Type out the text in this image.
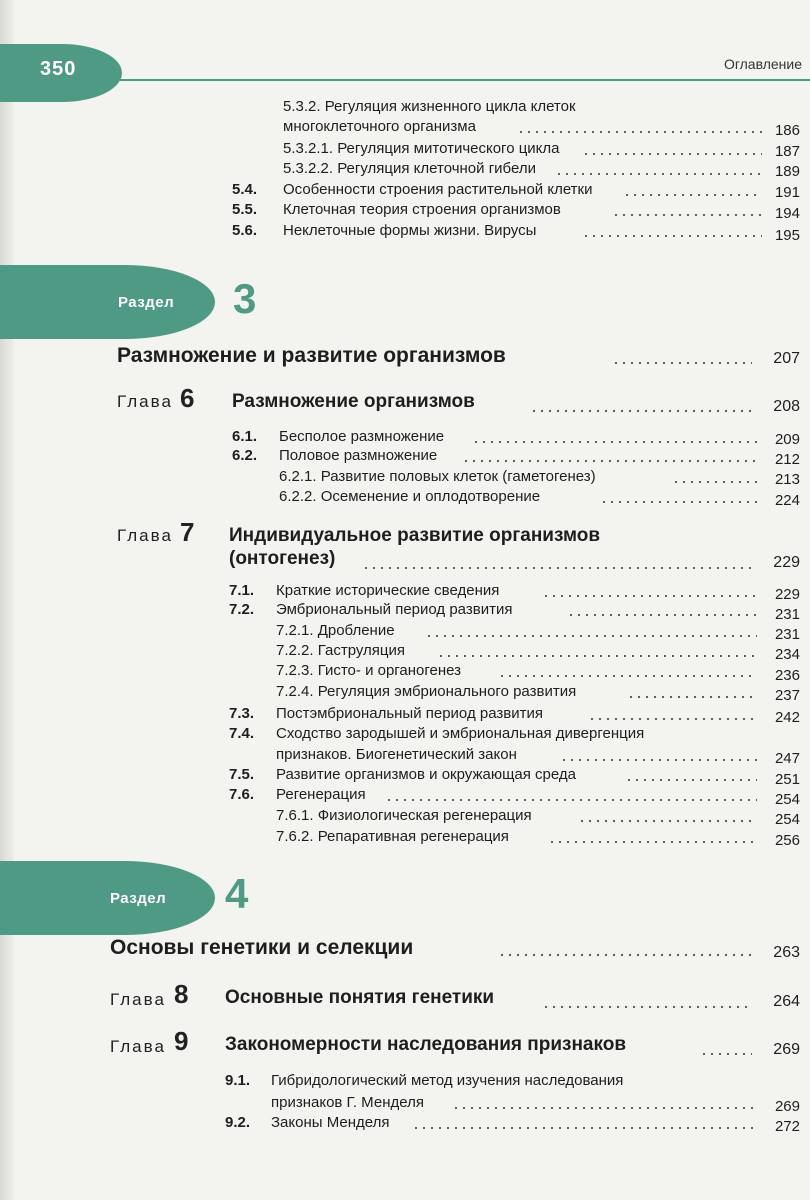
350	Оглавление
5.3.2. Регуляция жизненного цикла клеток
многоклеточного организма	186
5.3.2.1. Регуляция митотического цикла	187
5.3.2.2. Регуляция клеточной гибели	189
5.4. Особенности строения растительной клетки	191
5.5. Клеточная теория строения организмов	194
5.6. Неклеточные формы жизни. Вирусы	195
Раздел 3
Размножение и развитие организмов	207
Глава 6 Размножение организмов	208
6.1. Бесполое размножение	209
6.2. Половое размножение	212
6.2.1. Развитие половых клеток (гаметогенез)	213
6.2.2. Осеменение и оплодотворение	224
Глава 7 Индивидуальное развитие организмов
(онтогенез)	229
7.1. Краткие исторические сведения	229
7.2. Эмбриональный период развития	231
7.2.1. Дробление	231
7.2.2. Гаструляция	234
7.2.3. Гисто- и органогенез	236
7.2.4. Регуляция эмбрионального развития	237
7.3. Постэмбриональный период развития	242
7.4. Сходство зародышей и эмбриональная дивергенция
признаков. Биогенетический закон	247
7.5. Развитие организмов и окружающая среда	251
7.6. Регенерация	254
7.6.1. Физиологическая регенерация	254
7.6.2. Репаративная регенерация	256
Раздел 4
Основы генетики и селекции	263
Глава 8 Основные понятия генетики	264
Глава 9 Закономерности наследования признаков	269
9.1. Гибридологический метод изучения наследования
признаков Г. Менделя	269
9.2. Законы Менделя	272
